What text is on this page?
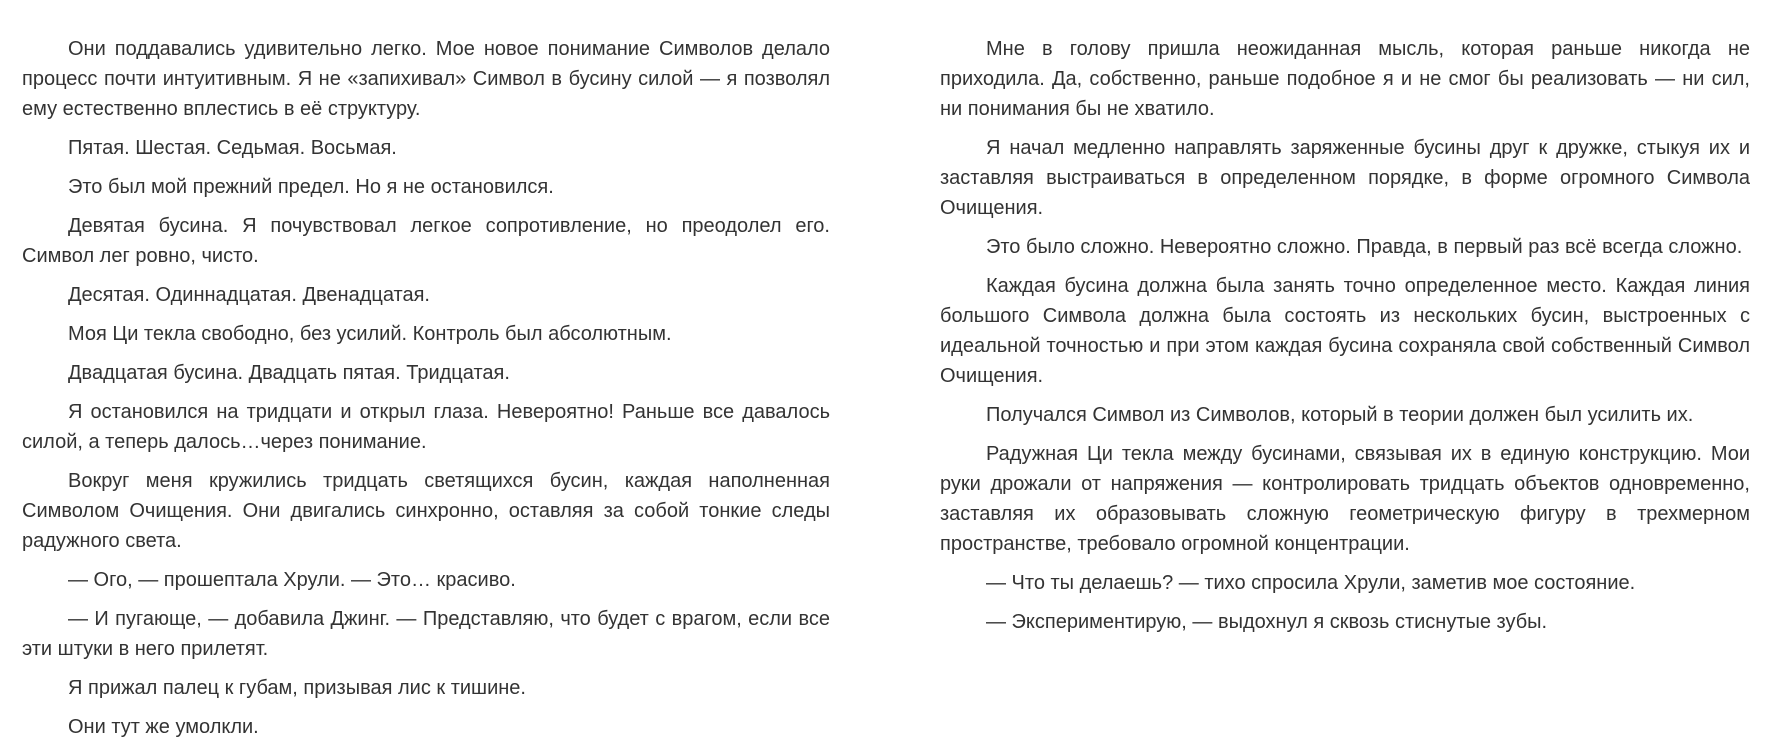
Они поддавались удивительно легко. Мое новое понимание Символов делало процесс почти интуитивным. Я не «запихивал» Символ в бусину силой — я позволял ему естественно вплестись в её структуру.

Пятая. Шестая. Седьмая. Восьмая.

Это был мой прежний предел. Но я не остановился.

Девятая бусина. Я почувствовал легкое сопротивление, но преодолел его. Символ лег ровно, чисто.

Десятая. Одиннадцатая. Двенадцатая.

Моя Ци текла свободно, без усилий. Контроль был абсолютным.

Двадцатая бусина. Двадцать пятая. Тридцатая.

Я остановился на тридцати и открыл глаза. Невероятно! Раньше все давалось силой, а теперь далось…через понимание.

Вокруг меня кружились тридцать светящихся бусин, каждая наполненная Символом Очищения. Они двигались синхронно, оставляя за собой тонкие следы радужного света.

— Ого, — прошептала Хрули. — Это… красиво.

— И пугающе, — добавила Джинг. — Представляю, что будет с врагом, если все эти штуки в него прилетят.

Я прижал палец к губам, призывая лис к тишине.

Они тут же умолкли.

Мне в голову пришла неожиданная мысль, которая раньше никогда не приходила. Да, собственно, раньше подобное я и не смог бы реализовать — ни сил, ни понимания бы не хватило.

Я начал медленно направлять заряженные бусины друг к дружке, стыкуя их и заставляя выстраиваться в определенном порядке, в форме огромного Символа Очищения.

Это было сложно. Невероятно сложно. Правда, в первый раз всё всегда сложно.

Каждая бусина должна была занять точно определенное место. Каждая линия большого Символа должна была состоять из нескольких бусин, выстроенных с идеальной точностью и при этом каждая бусина сохраняла свой собственный Символ Очищения.

Получался Символ из Символов, который в теории должен был усилить их.

Радужная Ци текла между бусинами, связывая их в единую конструкцию. Мои руки дрожали от напряжения — контролировать тридцать объектов одновременно, заставляя их образовывать сложную геометрическую фигуру в трехмерном пространстве, требовало огромной концентрации.

— Что ты делаешь? — тихо спросила Хрули, заметив мое состояние.

— Экспериментирую, — выдохнул я сквозь стиснутые зубы.
